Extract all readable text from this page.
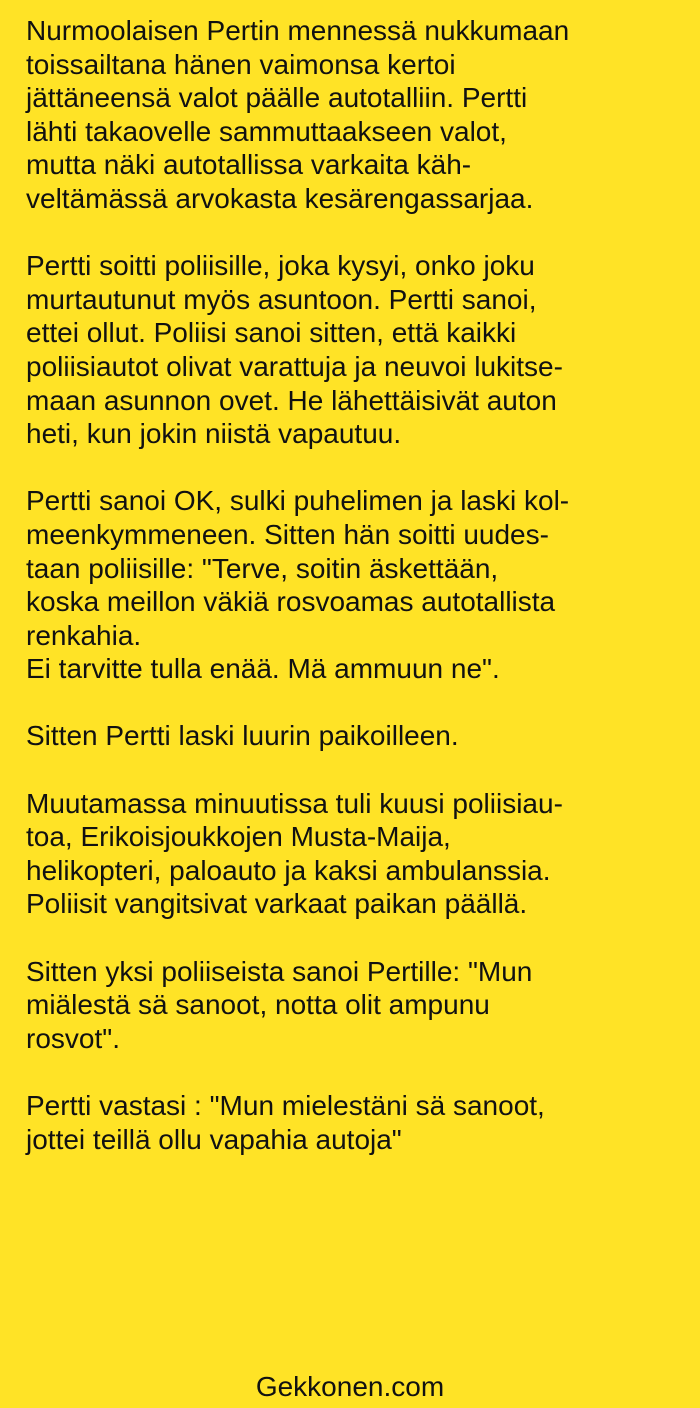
Nurmoolaisen Pertin mennessä nukkumaan
toissailtana hänen vaimonsa kertoi
jättäneensä valot päälle autotalliin. Pertti
lähti takaovelle sammuttaakseen valot,
mutta näki autotallissa varkaita käh-
veltämässä arvokasta kesärengassarjaa.
Pertti soitti poliisille, joka kysyi, onko joku
murtautunut myös asuntoon. Pertti sanoi,
ettei ollut. Poliisi sanoi sitten, että kaikki
poliisiautot olivat varattuja ja neuvoi lukitse-
maan asunnon ovet. He lähettäisivät auton
heti, kun jokin niistä vapautuu.
Pertti sanoi OK, sulki puhelimen ja laski kol-
meenkymmeneen. Sitten hän soitti uudes-
taan poliisille: "Terve, soitin äskettään,
koska meillon väkiä rosvoamas autotallista
renkahia.
Ei tarvitte tulla enää. Mä ammuun ne".
Sitten Pertti laski luurin paikoilleen.
Muutamassa minuutissa tuli kuusi poliisiau-
toa, Erikoisjoukkojen Musta-Maija,
helikopteri, paloauto ja kaksi ambulanssia.
Poliisit vangitsivat varkaat paikan päällä.
Sitten yksi poliiseista sanoi Pertille: "Mun
miälestä sä sanoot, notta olit ampunu
rosvot".
Pertti vastasi : "Mun mielestäni sä sanoot,
jottei teillä ollu vapahia autoja"
Gekkonen.com
